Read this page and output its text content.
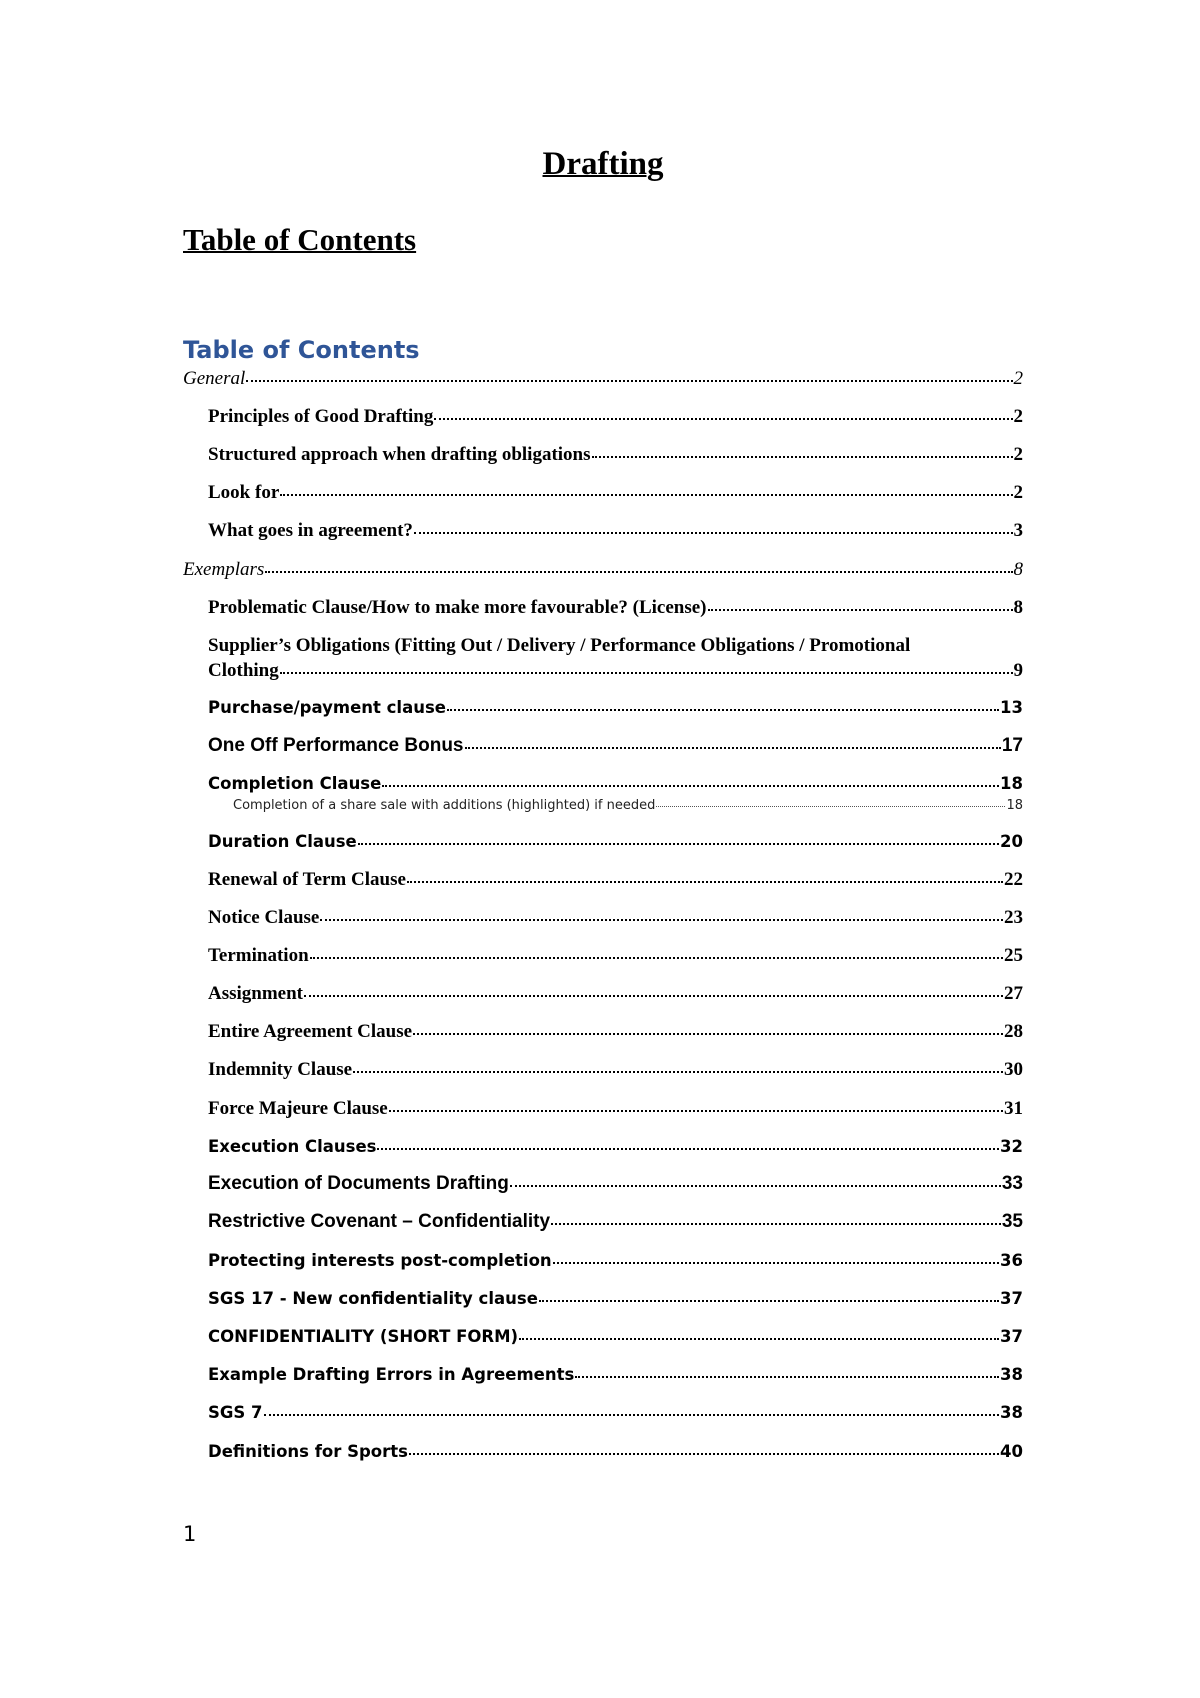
Drafting
Table of Contents
Table of Contents
General	2
Principles of Good Drafting	2
Structured approach when drafting obligations	2
Look for	2
What goes in agreement?	3
Exemplars	8
Problematic Clause/How to make more favourable? (License)	8
Supplier’s Obligations (Fitting Out / Delivery / Performance Obligations / Promotional
Clothing	9
Purchase/payment clause	13
One Off Performance Bonus	17
Completion Clause	18
Completion of a share sale with additions (highlighted) if needed	18
Duration Clause	20
Renewal of Term Clause	22
Notice Clause	23
Termination	25
Assignment	27
Entire Agreement Clause	28
Indemnity Clause	30
Force Majeure Clause	31
Execution Clauses	32
Execution of Documents Drafting	33
Restrictive Covenant – Confidentiality	35
Protecting interests post-completion	36
SGS 17 - New confidentiality clause	37
CONFIDENTIALITY (SHORT FORM)	37
Example Drafting Errors in Agreements	38
SGS 7	38
Definitions for Sports	40
1
